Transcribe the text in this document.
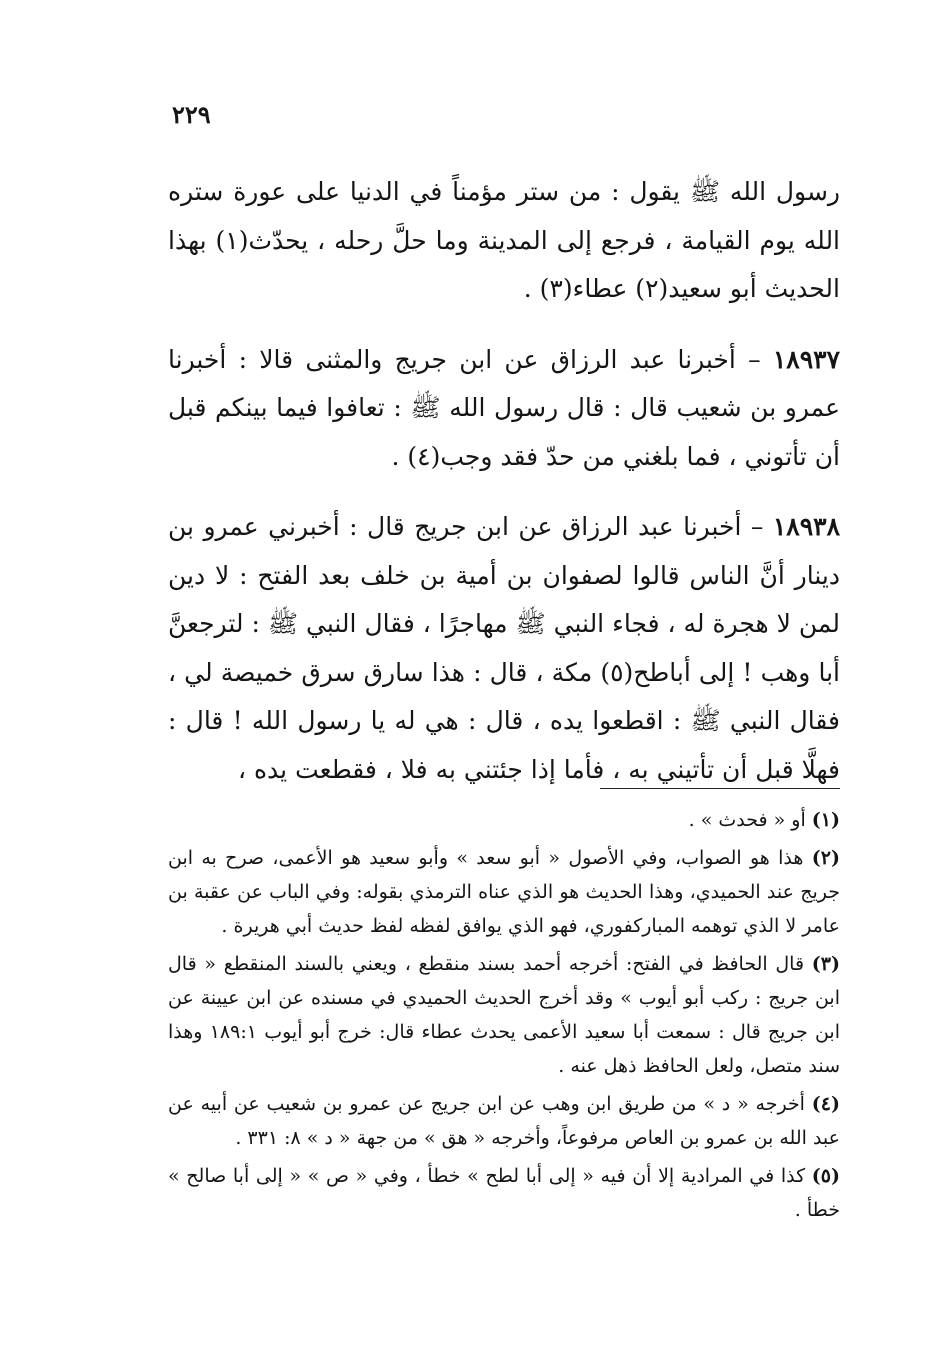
٢٢٩

رسول الله ﷺ يقول : من ستر مؤمناً في الدنيا على عورة ستره الله يوم القيامة ، فرجع إلى المدينة وما حلَّ رحله ، يحدّث(١) بهذا الحديث أبو سعيد(٢) عطاء(٣) .

١٨٩٣٧ – أخبرنا عبد الرزاق عن ابن جريج والمثنى قالا : أخبرنا عمرو بن شعيب قال : قال رسول الله ﷺ : تعافوا فيما بينكم قبل أن تأتوني ، فما بلغني من حدّ فقد وجب(٤) .

١٨٩٣٨ – أخبرنا عبد الرزاق عن ابن جريج قال : أخبرني عمرو بن دينار أنَّ الناس قالوا لصفوان بن أمية بن خلف بعد الفتح : لا دين لمن لا هجرة له ، فجاء النبي ﷺ مهاجرًا ، فقال النبي ﷺ : لترجعنَّ أبا وهب ! إلى أباطح(٥) مكة ، قال : هذا سارق سرق خميصة لي ، فقال النبي ﷺ : اقطعوا يده ، قال : هي له يا رسول الله ! قال : فهلَّا قبل أن تأتيني به ، فأما إذا جئتني به فلا ، فقطعت يده ،

(١) أو « فحدث » .

(٢) هذا هو الصواب، وفي الأصول « أبو سعد » وأبو سعيد هو الأعمى، صرح به ابن جريج عند الحميدي، وهذا الحديث هو الذي عناه الترمذي بقوله: وفي الباب عن عقبة بن عامر لا الذي توهمه المباركفوري، فهو الذي يوافق لفظه لفظ حديث أبي هريرة .

(٣) قال الحافظ في الفتح: أخرجه أحمد بسند منقطع ، ويعني بالسند المنقطع « قال ابن جريج : ركب أبو أيوب » وقد أخرج الحديث الحميدي في مسنده عن ابن عيينة عن ابن جريج قال : سمعت أبا سعيد الأعمى يحدث عطاء قال: خرج أبو أيوب ١٨٩:١ وهذا سند متصل، ولعل الحافظ ذهل عنه .

(٤) أخرجه « د » من طريق ابن وهب عن ابن جريج عن عمرو بن شعيب عن أبيه عن عبد الله بن عمرو بن العاص مرفوعاً، وأخرجه « هق » من جهة « د » ٨: ٣٣١ .

(٥) كذا في المرادية إلا أن فيه « إلى أبا لطح » خطأ ، وفي « ص » « إلى أبا صالح » خطأ .
